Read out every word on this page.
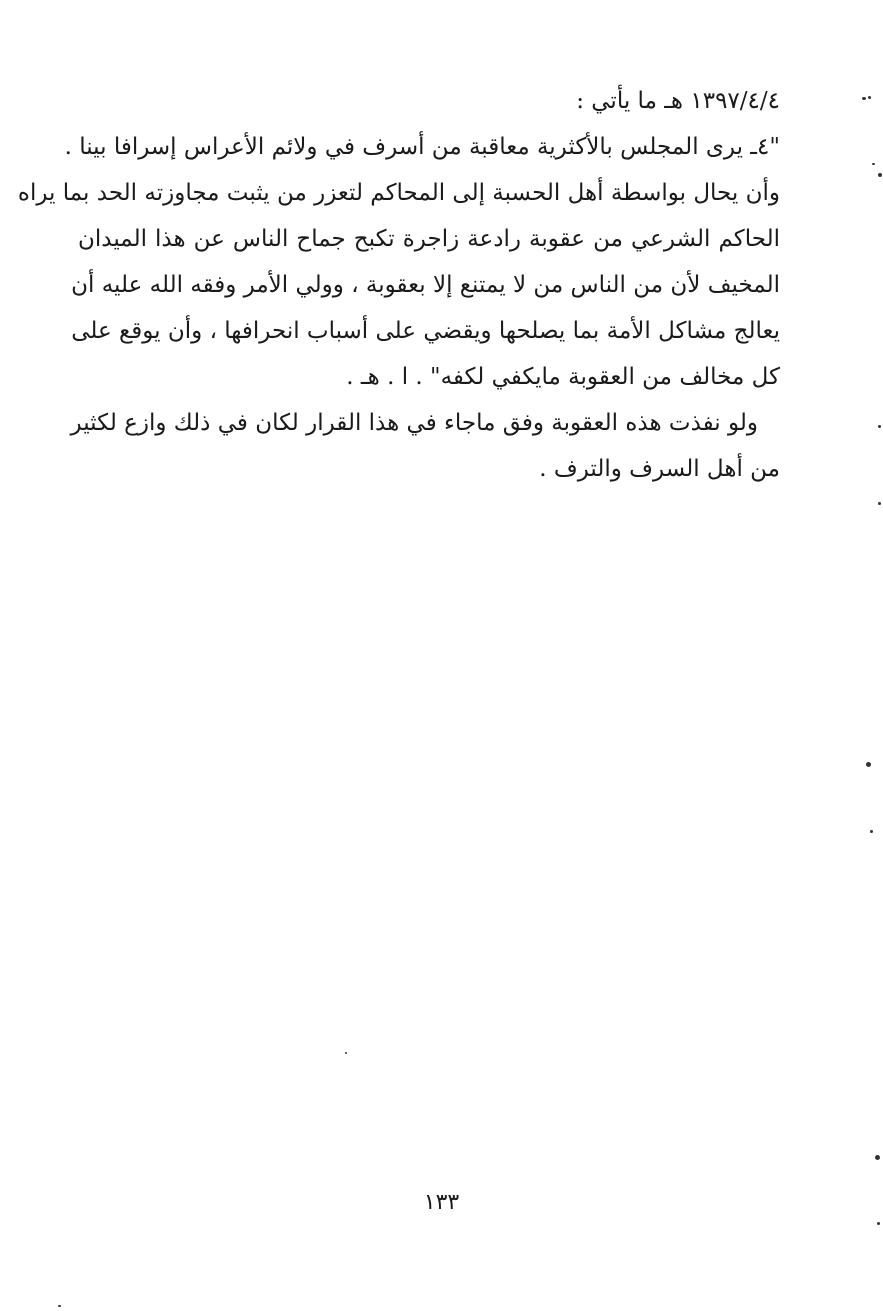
١٣٩٧/٤/٤ هـ ما يأتي :
"٤ـ يرى المجلس بالأكثرية معاقبة من أسرف في ولائم الأعراس إسرافا بينا .
وأن يحال بواسطة أهل الحسبة إلى المحاكم لتعزر من يثبت مجاوزته الحد بما يراه
الحاكم الشرعي من عقوبة رادعة زاجرة تكبح جماح الناس عن هذا الميدان
المخيف لأن من الناس من لا يمتنع إلا بعقوبة ، وولي الأمر وفقه الله عليه أن
يعالج مشاكل الأمة بما يصلحها ويقضي على أسباب انحرافها ، وأن يوقع على
كل مخالف من العقوبة مايكفي لكفه" . ا . هـ .
ولو نفذت هذه العقوبة وفق ماجاء في هذا القرار لكان في ذلك وازع لكثير
من أهل السرف والترف .
١٣٣
